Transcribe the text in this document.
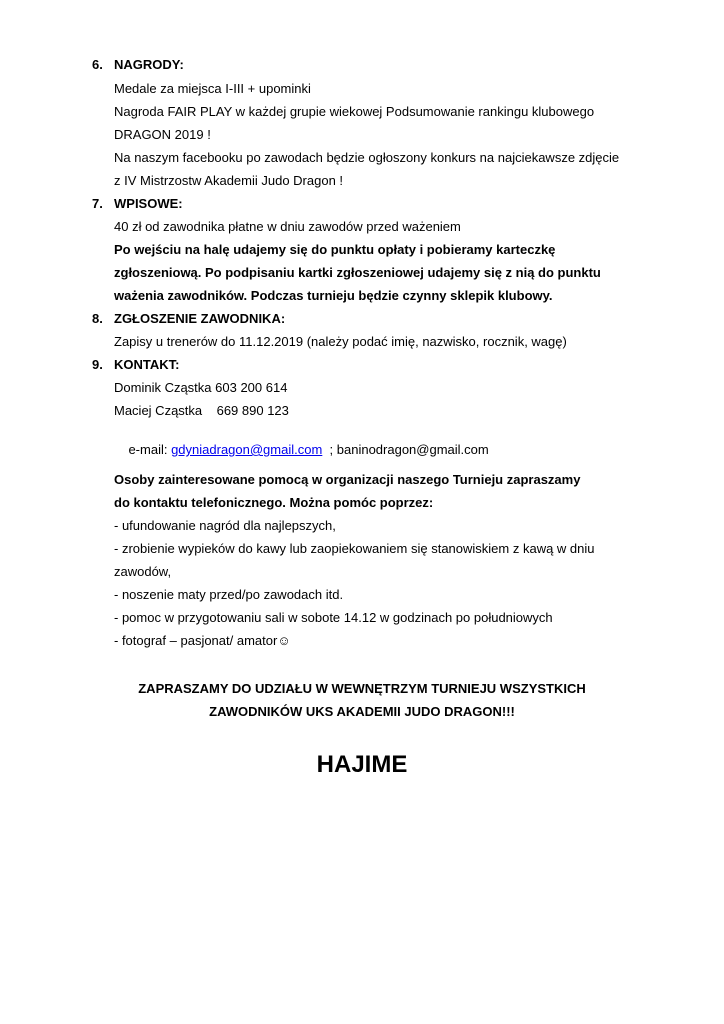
6. NAGRODY:
Medale za miejsca I-III + upominki
Nagroda FAIR PLAY w każdej grupie wiekowej Podsumowanie rankingu klubowego
DRAGON 2019 !
Na naszym facebooku po zawodach będzie ogłoszony konkurs na najciekawsze zdjęcie
z IV Mistrzostw Akademii Judo Dragon !
7. WPISOWE:
40 zł od zawodnika płatne w dniu zawodów przed ważeniem
Po wejściu na halę udajemy się do punktu opłaty i pobieramy karteczkę
zgłoszeniową. Po podpisaniu kartki zgłoszeniowej udajemy się z nią do punktu
ważenia zawodników. Podczas turnieju będzie czynny sklepik klubowy.
8. ZGŁOSZENIE ZAWODNIKA:
Zapisy u trenerów do 11.12.2019 (należy podać imię, nazwisko, rocznik, wagę)
9. KONTAKT:
Dominik Cząstka 603 200 614
Maciej Cząstka    669 890 123

e-mail: gdyniadragon@gmail.com  ; baninodragon@gmail.com

Osoby zainteresowane pomocą w organizacji naszego Turnieju zapraszamy
do kontaktu telefonicznego. Można pomóc poprzez:
- ufundowanie nagród dla najlepszych,
- zrobienie wypieków do kawy lub zaopiekowaniem się stanowiskiem z kawą w dniu
zawodów,
- noszenie maty przed/po zawodach itd.
- pomoc w przygotowaniu sali w sobote 14.12 w godzinach po południowych
- fotograf – pasjonat/ amator☺
ZAPRASZAMY DO UDZIAŁU W WEWNĘTRZYM TURNIEJU WSZYSTKICH
ZAWODNIKÓW UKS AKADEMII JUDO DRAGON!!!
HAJIME
